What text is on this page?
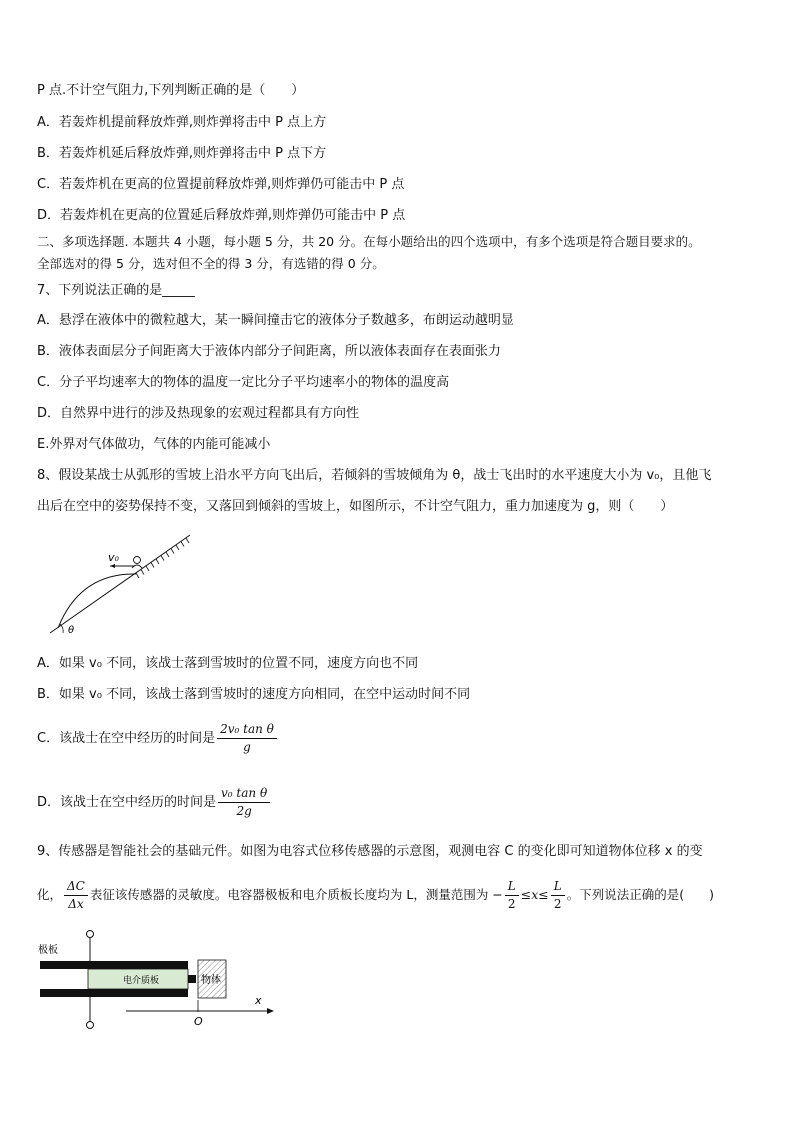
P 点.不计空气阻力,下列判断正确的是（　　）
A．若轰炸机提前释放炸弹,则炸弹将击中 P 点上方
B．若轰炸机延后释放炸弹,则炸弹将击中 P 点下方
C．若轰炸机在更高的位置提前释放炸弹,则炸弹仍可能击中 P 点
D．若轰炸机在更高的位置延后释放炸弹,则炸弹仍可能击中 P 点
二、多项选择题. 本题共 4 小题，每小题 5 分，共 20 分。在每小题给出的四个选项中，有多个选项是符合题目要求的。
全部选对的得 5 分，选对但不全的得 3 分，有选错的得 0 分。
7、下列说法正确的是_____
A．悬浮在液体中的微粒越大，某一瞬间撞击它的液体分子数越多，布朗运动越明显
B．液体表面层分子间距离大于液体内部分子间距离，所以液体表面存在表面张力
C．分子平均速率大的物体的温度一定比分子平均速率小的物体的温度高
D．自然界中进行的涉及热现象的宏观过程都具有方向性
E.外界对气体做功，气体的内能可能减小
8、假设某战士从弧形的雪坡上沿水平方向飞出后，若倾斜的雪坡倾角为 θ，战士飞出时的水平速度大小为 v₀，且他飞
出后在空中的姿势保持不变，又落回到倾斜的雪坡上，如图所示，不计空气阻力，重力加速度为 g，则（　　）
v₀
θ
A．如果 v₀ 不同，该战士落到雪坡时的位置不同，速度方向也不同
B．如果 v₀ 不同，该战士落到雪坡时的速度方向相同，在空中运动时间不同
C．该战士在空中经历的时间是 $\frac{\text{2v₀ tan θ}}{g}$
D．该战士在空中经历的时间是 $\frac{\text{v₀ tan θ}}{2g}$
9、传感器是智能社会的基础元件。如图为电容式位移传感器的示意图，观测电容 C 的变化即可知道物体位移 x 的变
化， $\frac{\Delta C}{\Delta x}$ 表征该传感器的灵敏度。电容器极板和电介质板长度均为 L，测量范围为 − $\frac{L}{2} \le x\le \frac{L}{2}$ 。下列说法正确的是(　　)
极板
电介质板	物体
x
O
